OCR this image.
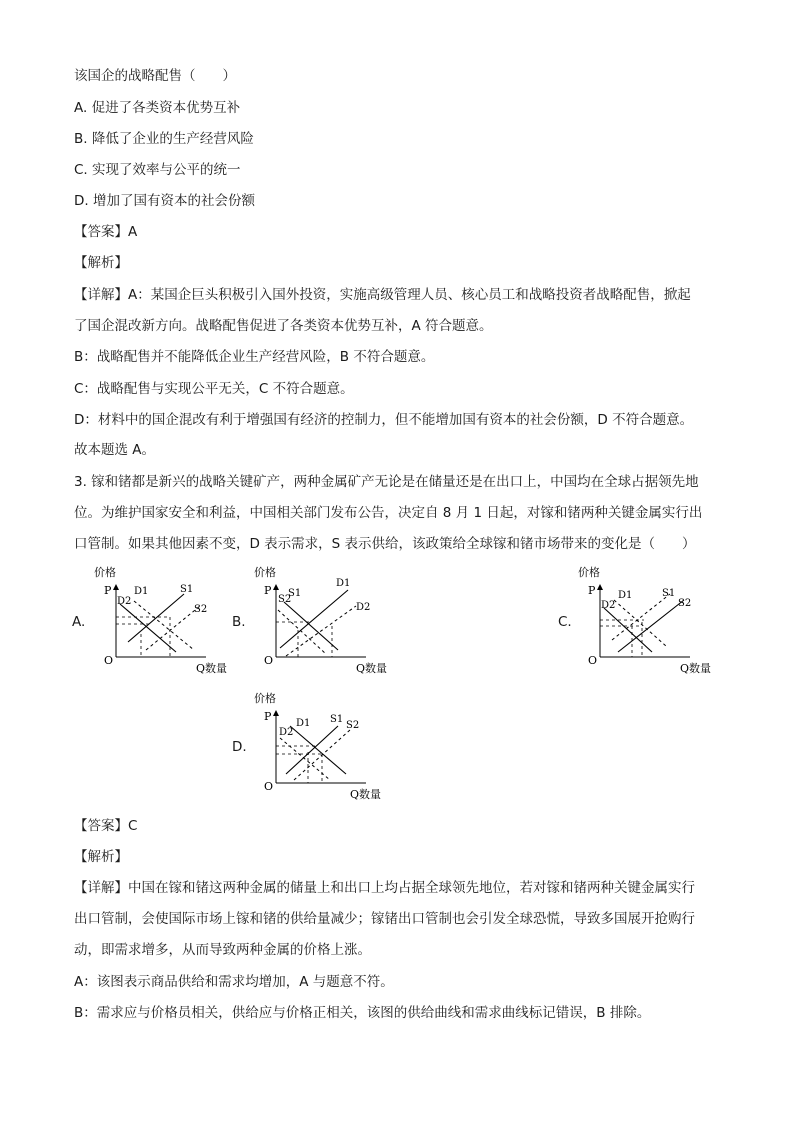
该国企的战略配售（　　）
A. 促进了各类资本优势互补
B. 降低了企业的生产经营风险
C. 实现了效率与公平的统一
D. 增加了国有资本的社会份额
【答案】A
【解析】
【详解】A：某国企巨头积极引入国外投资，实施高级管理人员、核心员工和战略投资者战略配售，掀起
了国企混改新方向。战略配售促进了各类资本优势互补，A 符合题意。
B：战略配售并不能降低企业生产经营风险，B 不符合题意。
C：战略配售与实现公平无关，C 不符合题意。
D：材料中的国企混改有利于增强国有经济的控制力，但不能增加国有资本的社会份额，D 不符合题意。
故本题选 A。
3. 镓和锗都是新兴的战略关键矿产，两种金属矿产无论是在储量还是在出口上，中国均在全球占据领先地
位。为维护国家安全和利益，中国相关部门发布公告，决定自 8 月 1 日起，对镓和锗两种关键金属实行出
口管制。如果其他因素不变，D 表示需求，S 表示供给，该政策给全球镓和锗市场带来的变化是（　　）
A.
价格
P
O
Q数量
D1
D2
S1
S2
B.
价格
P
O
Q数量
S1
S2
D1
D2
C.
价格
P
O
Q数量
D1
D2
S1
S2
D.
价格
P
O
Q数量
D1
D2
S1
S2
【答案】C
【解析】
【详解】中国在镓和锗这两种金属的储量上和出口上均占据全球领先地位，若对镓和锗两种关键金属实行
出口管制，会使国际市场上镓和锗的供给量减少；镓锗出口管制也会引发全球恐慌，导致多国展开抢购行
动，即需求增多，从而导致两种金属的价格上涨。
A：该图表示商品供给和需求均增加，A 与题意不符。
B：需求应与价格员相关，供给应与价格正相关，该图的供给曲线和需求曲线标记错误，B 排除。
